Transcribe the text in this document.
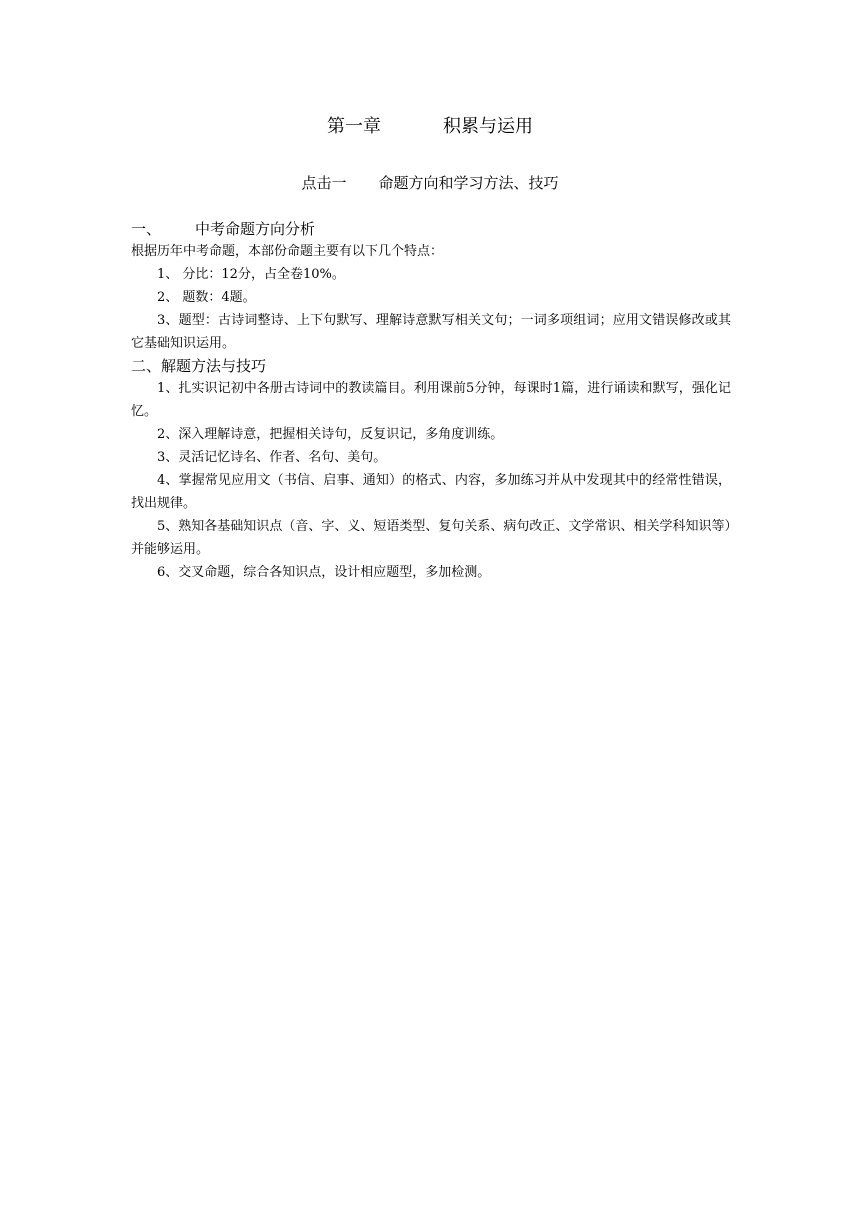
第一章	积累与运用
点击一 命题方向和学习方法、技巧
一、 中考命题方向分析

根据历年中考命题，本部份命题主要有以下几个特点：

1、 分比：12分，占全卷10%。

2、 题数：4题。

3、题型：古诗词整诗、上下句默写、理解诗意默写相关文句；一词多项组词；应用文错误修改或其它基础知识运用。

二、解题方法与技巧

1、扎实识记初中各册古诗词中的教读篇目。利用课前5分钟，每课时1篇，进行诵读和默写，强化记忆。

2、深入理解诗意，把握相关诗句，反复识记，多角度训练。

3、灵活记忆诗名、作者、名句、美句。

4、掌握常见应用文（书信、启事、通知）的格式、内容，多加练习并从中发现其中的经常性错误，找出规律。

5、熟知各基础知识点（音、字、义、短语类型、复句关系、病句改正、文学常识、相关学科知识等）并能够运用。

6、交叉命题，综合各知识点，设计相应题型，多加检测。
